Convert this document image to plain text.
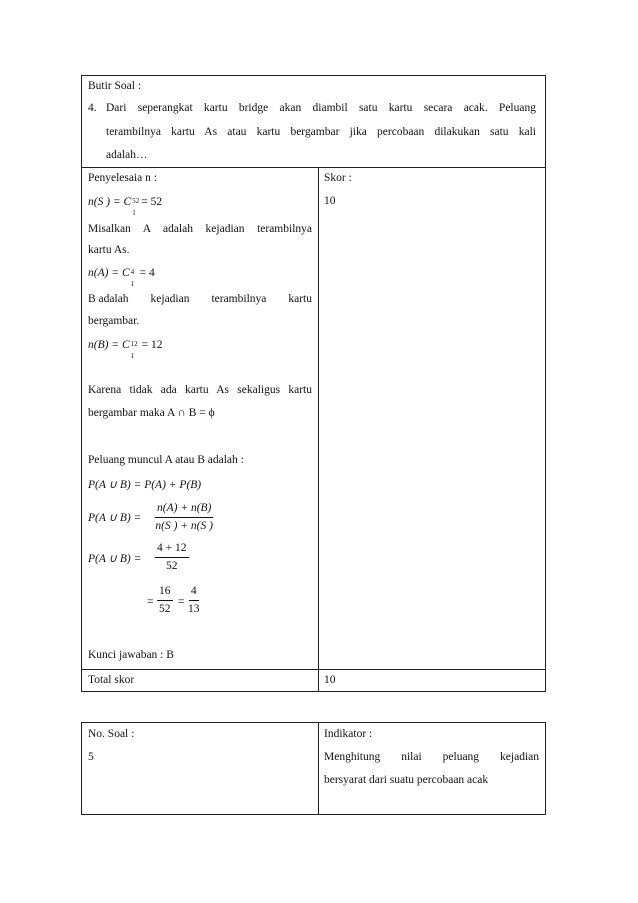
Butir Soal :
4. Dari seperangkat kartu bridge akan diambil satu kartu secara acak. Peluang
terambilnya kartu As atau kartu bergambar jika percobaan dilakukan satu kali
adalah…
Penyelesaia n :
n(S ) = C 52
1
= 52
Misalkan A adalah kejadian terambilnya
kartu As.
n(A) = C 4
1
= 4
B adalah kejadian terambilnya kartu
bergambar.
n(B) = C 12
1
= 12
Karena tidak ada kartu As sekaligus kartu
bergambar maka A ∩ B = ϕ
Peluang muncul A atau B adalah :
P(A ∪ B) = P(A) + P(B)
P(A ∪ $B) = \frac{n(A) + n(B)}{n(S ) + n(S )}$
P(A ∪ $B) = \frac{4 + 12}{52}$
= $\frac{16}{52} = \frac{4}{13}$
Kunci jawaban : B
Skor :
10
Total skor	10
No. Soal :
5
Indikator :
Menghitung nilai peluang kejadian
bersyarat dari suatu percobaan acak
